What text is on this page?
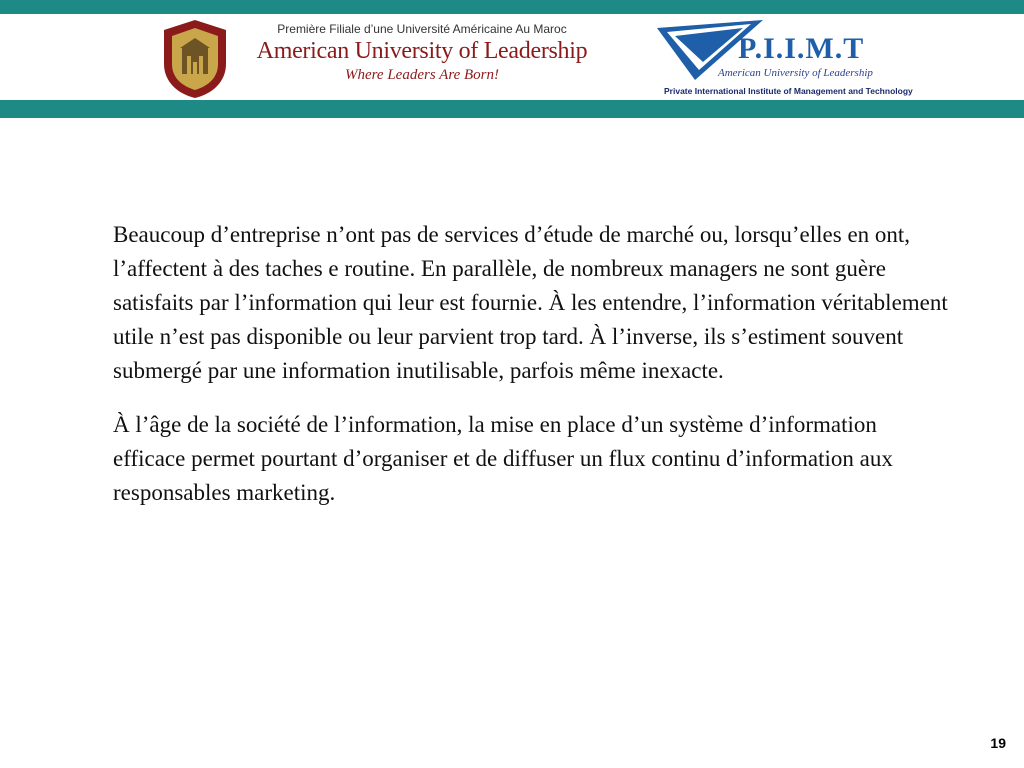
Première Filiale d’une Université Américaine Au Maroc
American University of Leadership
Where Leaders Are Born!
P.I.I.M.T
American University of Leadership
Private International Institute of Management and Technology

Beaucoup d’entreprise n’ont pas de services d’étude de marché ou, lorsqu’elles en ont, l’affectent à des taches e routine. En parallèle, de nombreux managers ne sont guère satisfaits par l’information qui leur est fournie. À les entendre, l’information véritablement utile n’est pas disponible ou leur parvient trop tard. À l’inverse, ils s’estiment souvent submergé par une information inutilisable, parfois même inexacte.

À l’âge de la société de l’information, la mise en place d’un système d’information efficace permet pourtant d’organiser et de diffuser un flux continu d’information aux responsables marketing.

19
